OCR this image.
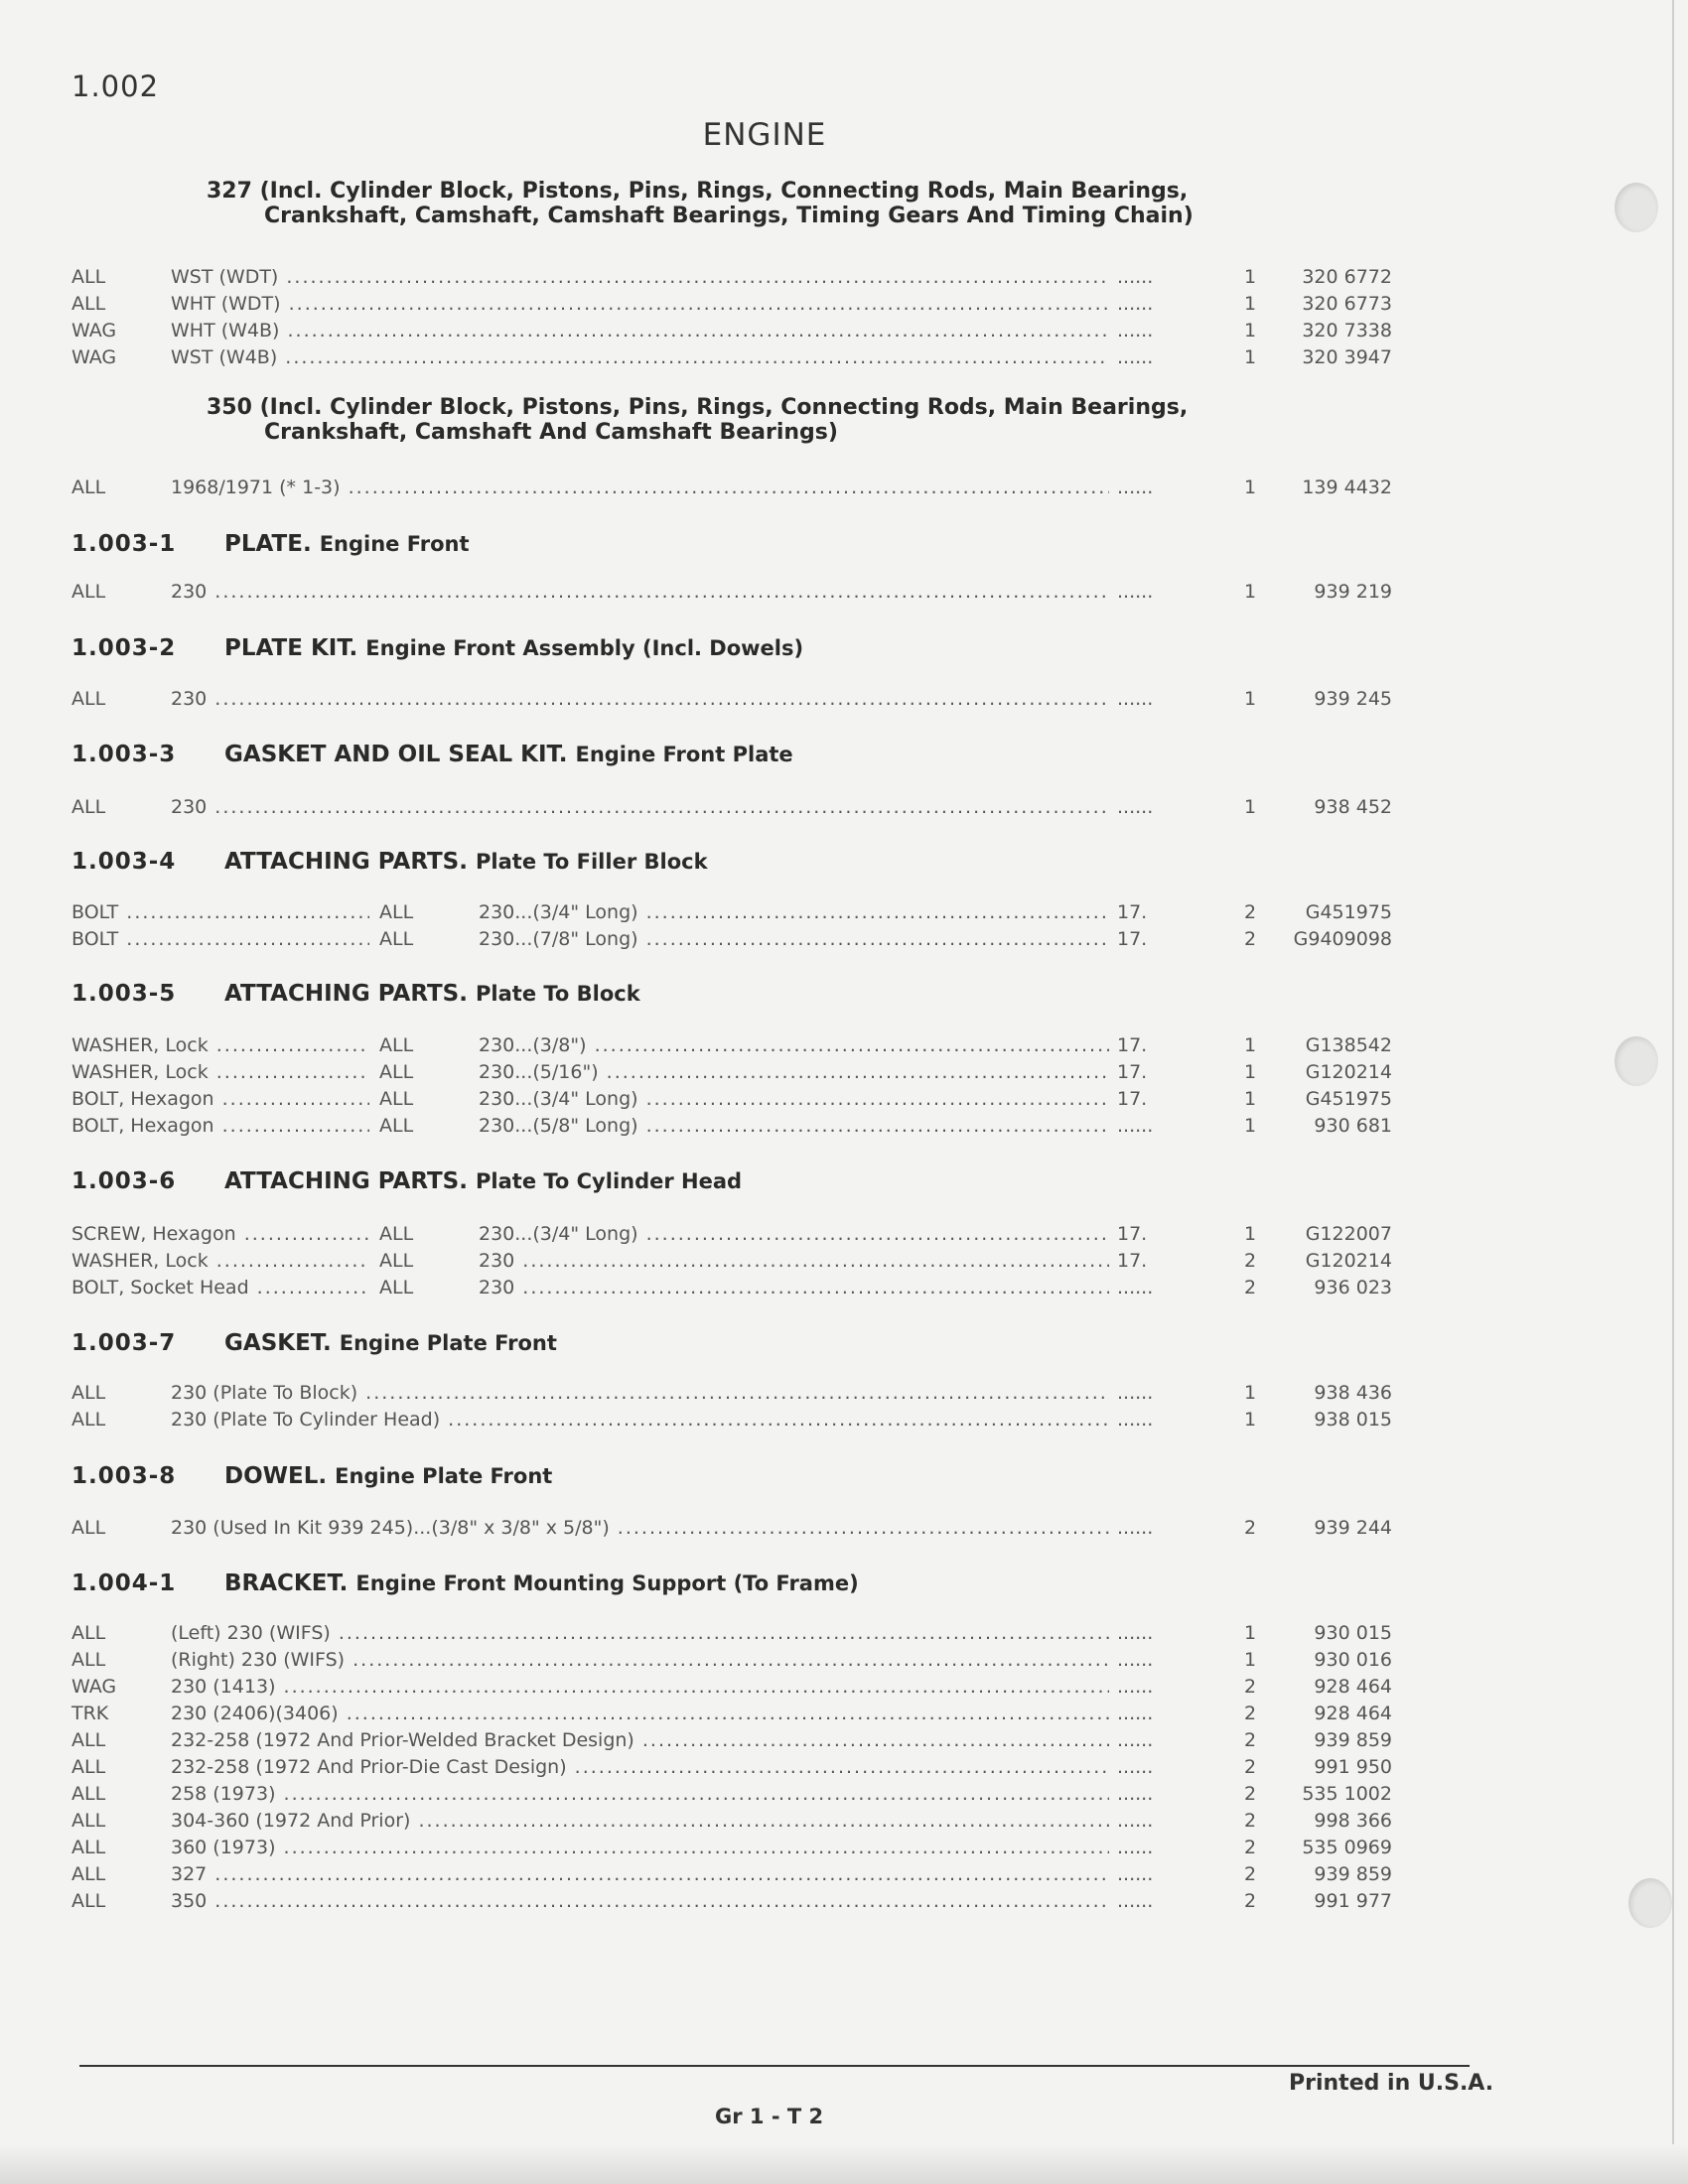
1.002
ENGINE
327 (Incl. Cylinder Block, Pistons, Pins, Rings, Connecting Rods, Main Bearings,
Crankshaft, Camshaft, Camshaft Bearings, Timing Gears And Timing Chain)
ALL	WST (WDT) .....	......	1	320 6772
ALL	WHT (WDT) .....	......	1	320 6773
WAG	WHT (W4B) .....	......	1	320 7338
WAG	WST (W4B) .....	......	1	320 3947
350 (Incl. Cylinder Block, Pistons, Pins, Rings, Connecting Rods, Main Bearings,
Crankshaft, Camshaft And Camshaft Bearings)
ALL	1968/1971 (* 1-3) .....	......	1	139 4432
1.003-1 PLATE. Engine Front
ALL	230 .....	......	1	939 219
1.003-2 PLATE KIT. Engine Front Assembly (Incl. Dowels)
ALL	230 .....	......	1	939 245
1.003-3 GASKET AND OIL SEAL KIT. Engine Front Plate
ALL	230 .....	......	1	938 452
1.003-4 ATTACHING PARTS. Plate To Filler Block
BOLT .....	ALL	230...(3/4" Long) .....	17.	2	G451975
BOLT .....	ALL	230...(7/8" Long) .....	17.	2	G9409098
1.003-5 ATTACHING PARTS. Plate To Block
WASHER, Lock .....	ALL	230...(3/8") .....	17.	1	G138542
WASHER, Lock .....	ALL	230...(5/16") .....	17.	1	G120214
BOLT, Hexagon .....	ALL	230...(3/4" Long) .....	17.	1	G451975
BOLT, Hexagon .....	ALL	230...(5/8" Long) .....	......	1	930 681
1.003-6 ATTACHING PARTS. Plate To Cylinder Head
SCREW, Hexagon .....	ALL	230...(3/4" Long) .....	17.	1	G122007
WASHER, Lock .....	ALL	230 .....	17.	2	G120214
BOLT, Socket Head .....	ALL	230 .....	......	2	936 023
1.003-7 GASKET. Engine Plate Front
ALL	230 (Plate To Block) .....	......	1	938 436
ALL	230 (Plate To Cylinder Head) .....	......	1	938 015
1.003-8 DOWEL. Engine Plate Front
ALL	230 (Used In Kit 939 245)...(3/8" x 3/8" x 5/8") .....	......	2	939 244
1.004-1 BRACKET. Engine Front Mounting Support (To Frame)
ALL	(Left) 230 (WIFS) .....	......	1	930 015
ALL	(Right) 230 (WIFS) .....	......	1	930 016
WAG	230 (1413) .....	......	2	928 464
TRK	230 (2406)(3406) .....	......	2	928 464
ALL	232-258 (1972 And Prior-Welded Bracket Design) .....	......	2	939 859
ALL	232-258 (1972 And Prior-Die Cast Design) .....	......	2	991 950
ALL	258 (1973) .....	......	2	535 1002
ALL	304-360 (1972 And Prior) .....	......	2	998 366
ALL	360 (1973) .....	......	2	535 0969
ALL	327 .....	......	2	939 859
ALL	350 .....	......	2	991 977
Printed in U.S.A.
Gr 1 - T 2
